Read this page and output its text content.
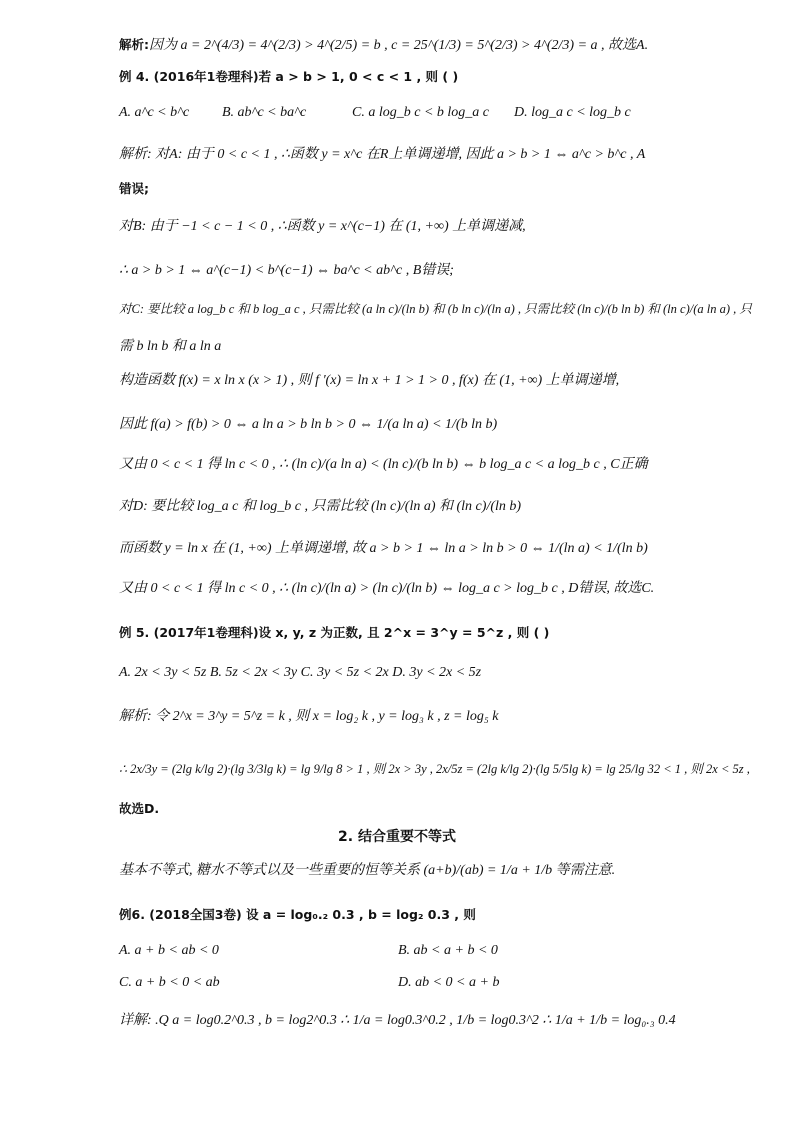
解析:因为 a = 2^(4/3) = 4^(2/3) > 4^(2/5) = b , c = 25^(1/3) = 5^(2/3) > 4^(2/3) = a , 故选A.
例 4. (2016年1卷理科)若 a > b > 1, 0 < c < 1 , 则 ( )
A. a^c < b^c B. ab^c < ba^c	C. a log_b c < b log_a c D. log_a c < log_b c
解析: 对A: 由于 0 < c < 1 , ∴函数 y = x^c 在R上单调递增, 因此 a > b > 1 ⇔ a^c > b^c , A
错误;
对B: 由于 −1 < c − 1 < 0 , ∴函数 y = x^(c−1) 在 (1, +∞) 上单调递减,
∴ a > b > 1 ⇔ a^(c−1) < b^(c−1) ⇔ ba^c < ab^c , B错误;
对C: 要比较 a log_b c 和 b log_a c , 只需比较 (a ln c)/(ln b) 和 (b ln c)/(ln a) , 只需比较 (ln c)/(b ln b) 和 (ln c)/(a ln a) , 只
需 b ln b 和 a ln a
构造函数 f(x) = x ln x (x > 1) , 则 f '(x) = ln x + 1 > 1 > 0 , f(x) 在 (1, +∞) 上单调递增,
因此 f(a) > f(b) > 0 ⇔ a ln a > b ln b > 0 ⇔ 1/(a ln a) < 1/(b ln b)
又由 0 < c < 1 得 ln c < 0 , ∴ (ln c)/(a ln a) < (ln c)/(b ln b) ⇔ b log_a c < a log_b c , C正确
对D: 要比较 log_a c 和 log_b c , 只需比较 (ln c)/(ln a) 和 (ln c)/(ln b)
而函数 y = ln x 在 (1, +∞) 上单调递增, 故 a > b > 1 ⇔ ln a > ln b > 0 ⇔ 1/(ln a) < 1/(ln b)
又由 0 < c < 1 得 ln c < 0 , ∴ (ln c)/(ln a) > (ln c)/(ln b) ⇔ log_a c > log_b c , D错误, 故选C.
例 5. (2017年1卷理科)设 x, y, z 为正数, 且 2^x = 3^y = 5^z , 则 ( )
A. 2x < 3y < 5z B. 5z < 2x < 3y C. 3y < 5z < 2x D. 3y < 2x < 5z
解析: 令 2^x = 3^y = 5^z = k , 则 x = log₂ k , y = log₃ k , z = log₅ k
∴ 2x/3y = (2lg k/lg 2)·(lg 3/3lg k) = lg 9/lg 8 > 1 , 则 2x > 3y , 2x/5z = (2lg k/lg 2)·(lg 5/5lg k) = lg 25/lg 32 < 1 , 则 2x < 5z ,
故选D.
2. 结合重要不等式
基本不等式, 糖水不等式以及一些重要的恒等关系 (a+b)/(ab) = 1/a + 1/b 等需注意.
例6. (2018全国3卷) 设 a = log₀.₂ 0.3 , b = log₂ 0.3 , 则
A. a + b < ab < 0	B. ab < a + b < 0
C. a + b < 0 < ab	D. ab < 0 < a + b
详解: .Q a = log0.2^0.3 , b = log2^0.3 ∴ 1/a = log0.3^0.2 , 1/b = log0.3^2 ∴ 1/a + 1/b = log₀.₃ 0.4
